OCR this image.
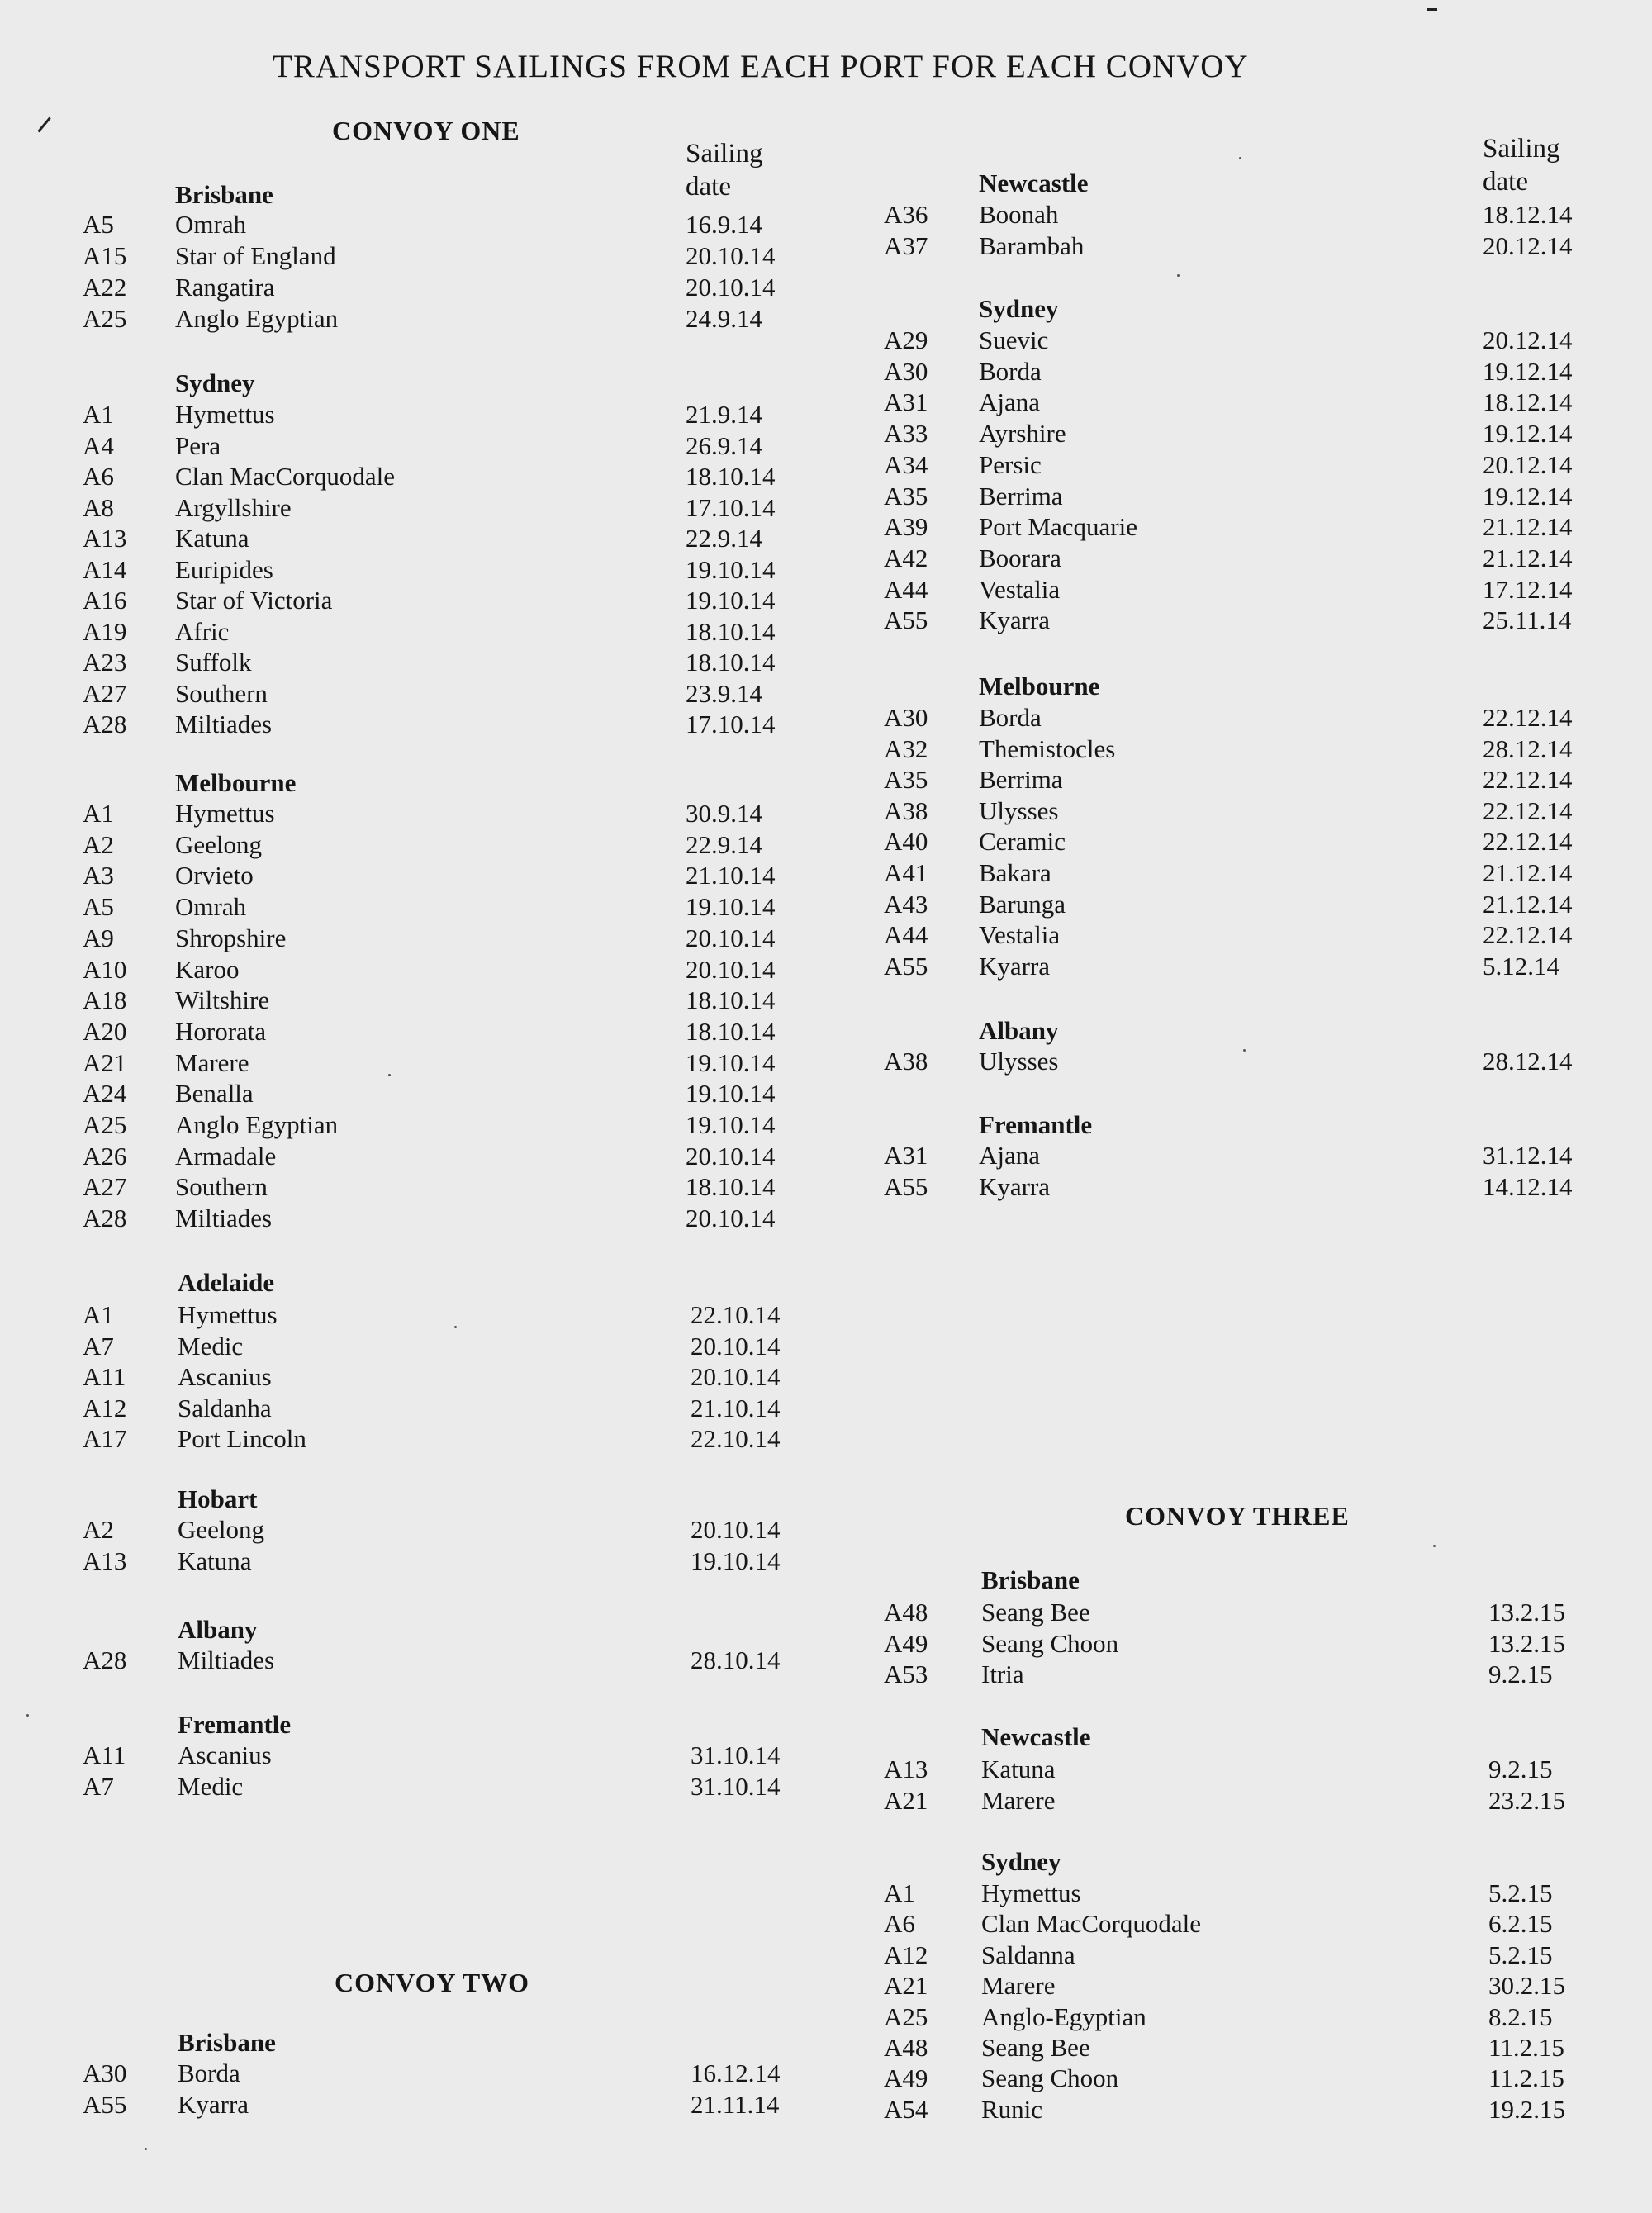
TRANSPORT SAILINGS FROM EACH PORT FOR EACH CONVOY
Sailing
date
Sailing
date
CONVOY ONE
CONVOY TWO
CONVOY THREE
Brisbane
A5 Omrah	16.9.14
A15 Star of England	20.10.14
A22 Rangatira	20.10.14
A25 Anglo Egyptian	24.9.14
Sydney
A1 Hymettus	21.9.14
A4 Pera	26.9.14
A6 Clan MacCorquodale	18.10.14
A8 Argyllshire	17.10.14
A13 Katuna	22.9.14
A14 Euripides	19.10.14
A16 Star of Victoria	19.10.14
A19 Afric	18.10.14
A23 Suffolk	18.10.14
A27 Southern	23.9.14
A28 Miltiades	17.10.14
Melbourne
A1 Hymettus	30.9.14
A2 Geelong	22.9.14
A3 Orvieto	21.10.14
A5 Omrah	19.10.14
A9 Shropshire	20.10.14
A10 Karoo	20.10.14
A18 Wiltshire	18.10.14
A20 Hororata	18.10.14
A21 Marere	19.10.14
A24 Benalla	19.10.14
A25 Anglo Egyptian	19.10.14
A26 Armadale	20.10.14
A27 Southern	18.10.14
A28 Miltiades	20.10.14
Adelaide
A1 Hymettus	22.10.14
A7 Medic	20.10.14
A11 Ascanius	20.10.14
A12 Saldanha	21.10.14
A17 Port Lincoln	22.10.14
Hobart
A2 Geelong	20.10.14
A13 Katuna	19.10.14
Albany
A28 Miltiades	28.10.14
Fremantle
A11 Ascanius	31.10.14
A7 Medic	31.10.14
Brisbane
A30 Borda	16.12.14
A55 Kyarra	21.11.14
Newcastle
A36 Boonah	18.12.14
A37 Barambah	20.12.14
Sydney
A29 Suevic	20.12.14
A30 Borda	19.12.14
A31 Ajana	18.12.14
A33 Ayrshire	19.12.14
A34 Persic	20.12.14
A35 Berrima	19.12.14
A39 Port Macquarie	21.12.14
A42 Boorara	21.12.14
A44 Vestalia	17.12.14
A55 Kyarra	25.11.14
Melbourne
A30 Borda	22.12.14
A32 Themistocles	28.12.14
A35 Berrima	22.12.14
A38 Ulysses	22.12.14
A40 Ceramic	22.12.14
A41 Bakara	21.12.14
A43 Barunga	21.12.14
A44 Vestalia	22.12.14
A55 Kyarra	5.12.14
Albany
A38 Ulysses	28.12.14
Fremantle
A31 Ajana	31.12.14
A55 Kyarra	14.12.14
Brisbane
A48 Seang Bee	13.2.15
A49 Seang Choon	13.2.15
A53 Itria	9.2.15
Newcastle
A13 Katuna	9.2.15
A21 Marere	23.2.15
Sydney
A1	Hymettus	5.2.15
A6	Clan MacCorquodale	6.2.15
A12 Saldanna	5.2.15
A21 Marere	30.2.15
A25 Anglo-Egyptian	8.2.15
A48 Seang Bee	11.2.15
A49 Seang Choon	11.2.15
A54 Runic	19.2.15
